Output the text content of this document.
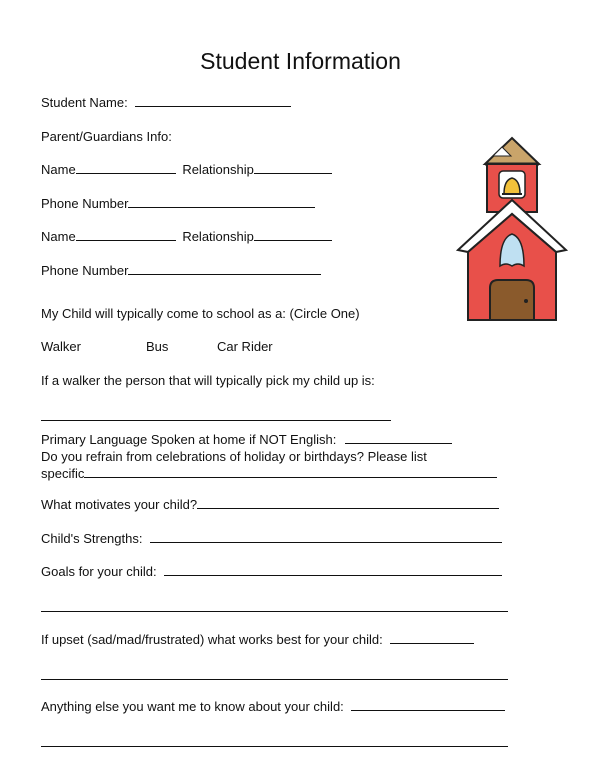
Student Information
Student Name:
Parent/Guardians Info:
Name	Relationship
Phone Number
Name	Relationship
Phone Number
My Child will typically come to school as a: (Circle One)
Walker	Bus	Car Rider
If a walker the person that will typically pick my child up is:
Primary Language Spoken at home if NOT English:
Do you refrain from celebrations of holiday or birthdays? Please list
specific
What motivates your child?
Child's Strengths:
Goals for your child:
If upset (sad/mad/frustrated) what works best for your child:
Anything else you want me to know about your child:
